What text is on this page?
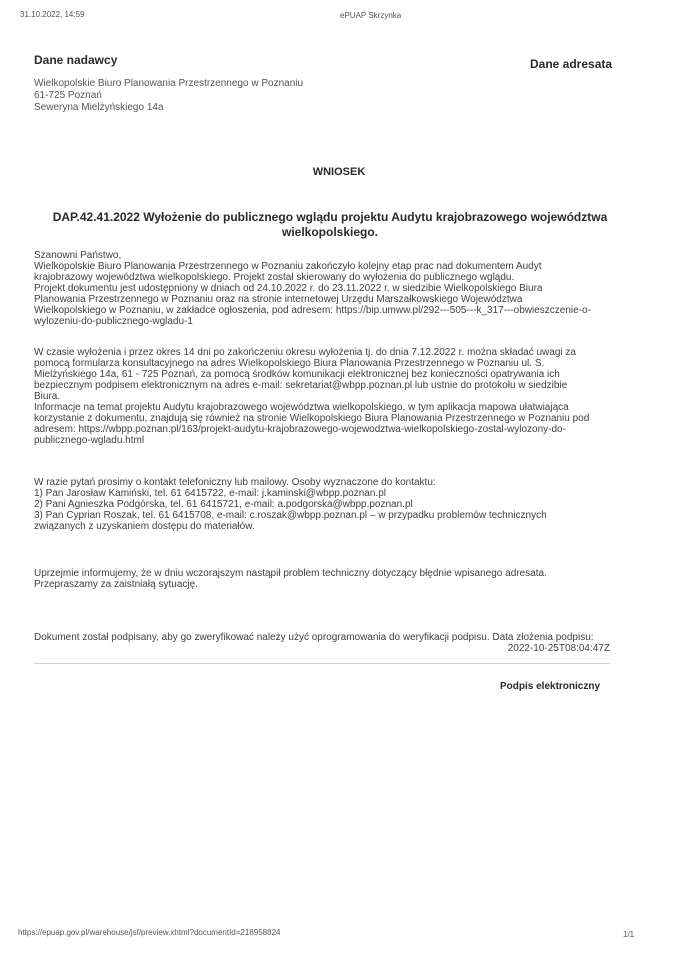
31.10.2022, 14:59	ePUAP Skrzynka
Dane nadawcy	Dane adresata
Wielkopolskie Biuro Planowania Przestrzennego w Poznaniu
61-725 Poznań
Seweryna Mielżyńskiego 14a
WNIOSEK
DAP.42.41.2022 Wyłożenie do publicznego wglądu projektu Audytu krajobrazowego województwa
wielkopolskiego.
Szanowni Państwo,
Wielkopolskie Biuro Planowania Przestrzennego w Poznaniu zakończyło kolejny etap prac nad dokumentem Audyt
krajobrazowy województwa wielkopolskiego. Projekt został skierowany do wyłożenia do publicznego wglądu.
Projekt dokumentu jest udostępniony w dniach od 24.10.2022 r. do 23.11.2022 r. w siedzibie Wielkopolskiego Biura
Planowania Przestrzennego w Poznaniu oraz na stronie internetowej Urzędu Marszałkowskiego Województwa
Wielkopolskiego w Poznaniu, w zakładce ogłoszenia, pod adresem: https://bip.umww.pl/292---505---k_317---obwieszczenie-o-
wylozeniu-do-publicznego-wgladu-1
W czasie wyłożenia i przez okres 14 dni po zakończeniu okresu wyłożenia tj. do dnia 7.12.2022 r. można składać uwagi za
pomocą formularza konsultacyjnego na adres Wielkopolskiego Biura Planowania Przestrzennego w Poznaniu ul. S.
Mielżyńskiego 14a, 61 - 725 Poznań, za pomocą środków komunikacji elektronicznej bez konieczności opatrywania ich
bezpiecznym podpisem elektronicznym na adres e-mail: sekretariat@wbpp.poznan.pl lub ustnie do protokołu w siedzibie
Biura.
Informacje na temat projektu Audytu krajobrazowego województwa wielkopolskiego, w tym aplikacja mapowa ułatwiająca
korzystanie z dokumentu, znajdują się również na stronie Wielkopolskiego Biura Planowania Przestrzennego w Poznaniu pod
adresem: https://wbpp.poznan.pl/163/projekt-audytu-krajobrazowego-wojewodztwa-wielkopolskiego-zostal-wylozony-do-
publicznego-wgladu.html
W razie pytań prosimy o kontakt telefoniczny lub mailowy. Osoby wyznaczone do kontaktu:
1) Pan Jarosław Kamiński, tel. 61 6415722, e-mail: j.kaminski@wbpp.poznan.pl
2) Pani Agnieszka Podgórska, tel. 61 6415721, e-mail: a.podgorska@wbpp.poznan.pl
3) Pan Cyprian Roszak, tel. 61 6415708, e-mail: c.roszak@wbpp.poznan.pl – w przypadku problemów technicznych
związanych z uzyskaniem dostępu do materiałów.
Uprzejmie informujemy, że w dniu wczorajszym nastąpił problem techniczny dotyczący błędnie wpisanego adresata.
Przepraszamy za zaistniałą sytuację.
Dokument został podpisany, aby go zweryfikować należy użyć oprogramowania do weryfikacji podpisu. Data złożenia podpisu:
2022-10-25T08:04:47Z
Podpis elektroniczny
https://epuap.gov.pl/warehouse/jsf/preview.xhtml?documentId=218958824	1/1
